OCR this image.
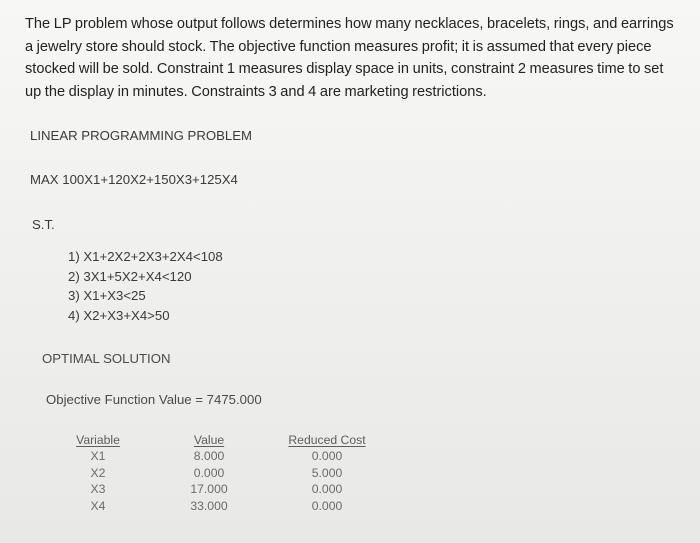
The LP problem whose output follows determines how many necklaces, bracelets, rings, and earrings
a jewelry store should stock. The objective function measures profit; it is assumed that every piece
stocked will be sold. Constraint 1 measures display space in units, constraint 2 measures time to set
up the display in minutes. Constraints 3 and 4 are marketing restrictions.

LINEAR PROGRAMMING PROBLEM

MAX 100X1+120X2+150X3+125X4

S.T.

1) X1+2X2+2X3+2X4<108
2) 3X1+5X2+X4<120
3) X1+X3<25
4) X2+X3+X4>50

OPTIMAL SOLUTION

Objective Function Value = 7475.000

Variable
X1
X2
X3
X4
Value
8.000
0.000
17.000
33.000
Reduced Cost
0.000
5.000
0.000
0.000
